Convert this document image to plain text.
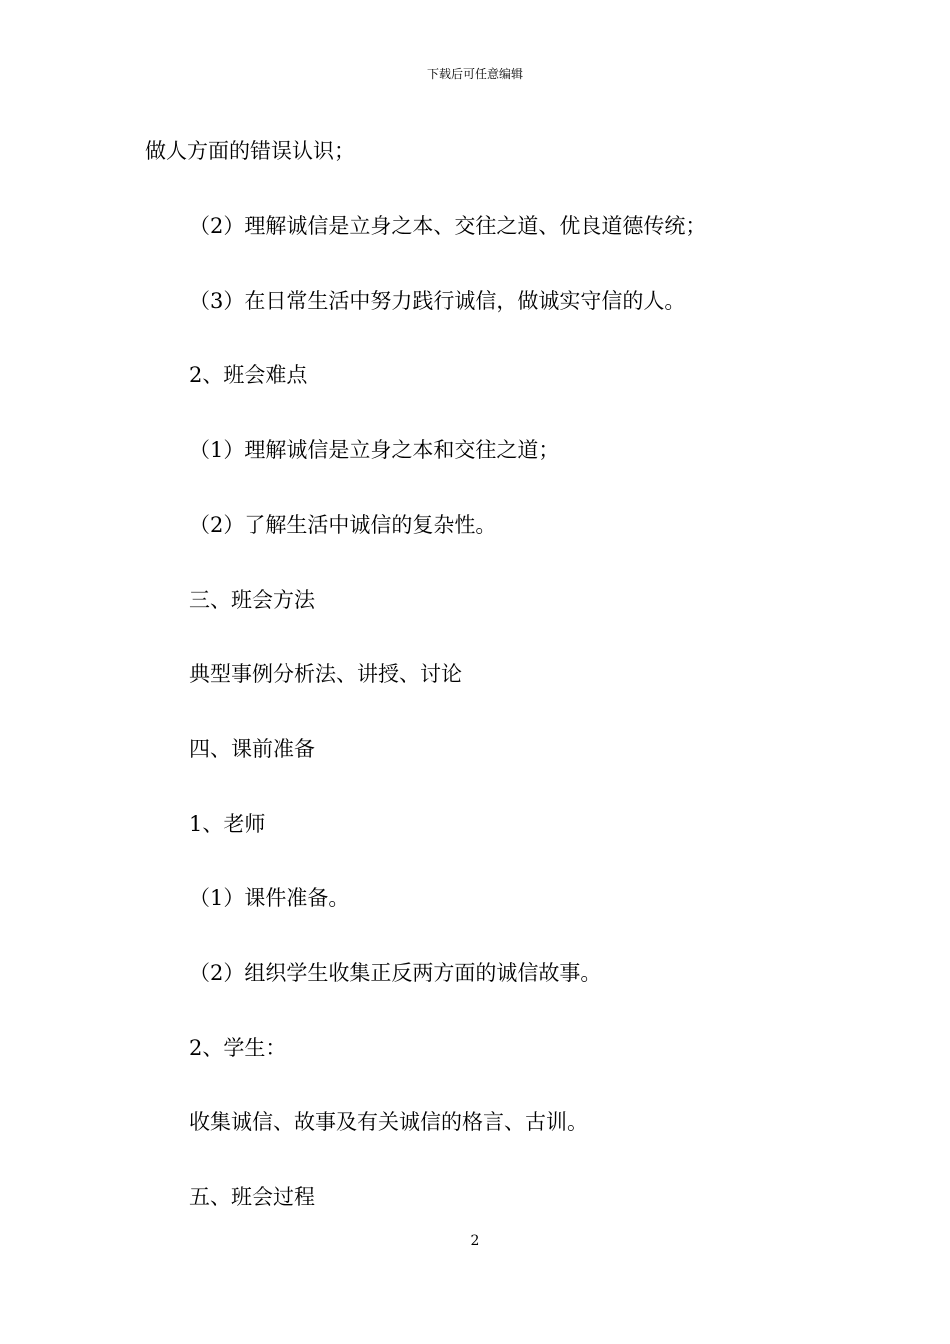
下载后可任意编辑
做人方面的错误认识；
（2）理解诚信是立身之本、交往之道、优良道德传统；
（3）在日常生活中努力践行诚信，做诚实守信的人。
2、班会难点
（1）理解诚信是立身之本和交往之道；
（2）了解生活中诚信的复杂性。
三、班会方法
典型事例分析法、讲授、讨论
四、课前准备
1、老师
（1）课件准备。
（2）组织学生收集正反两方面的诚信故事。
2、学生：
收集诚信、故事及有关诚信的格言、古训。
五、班会过程
2
